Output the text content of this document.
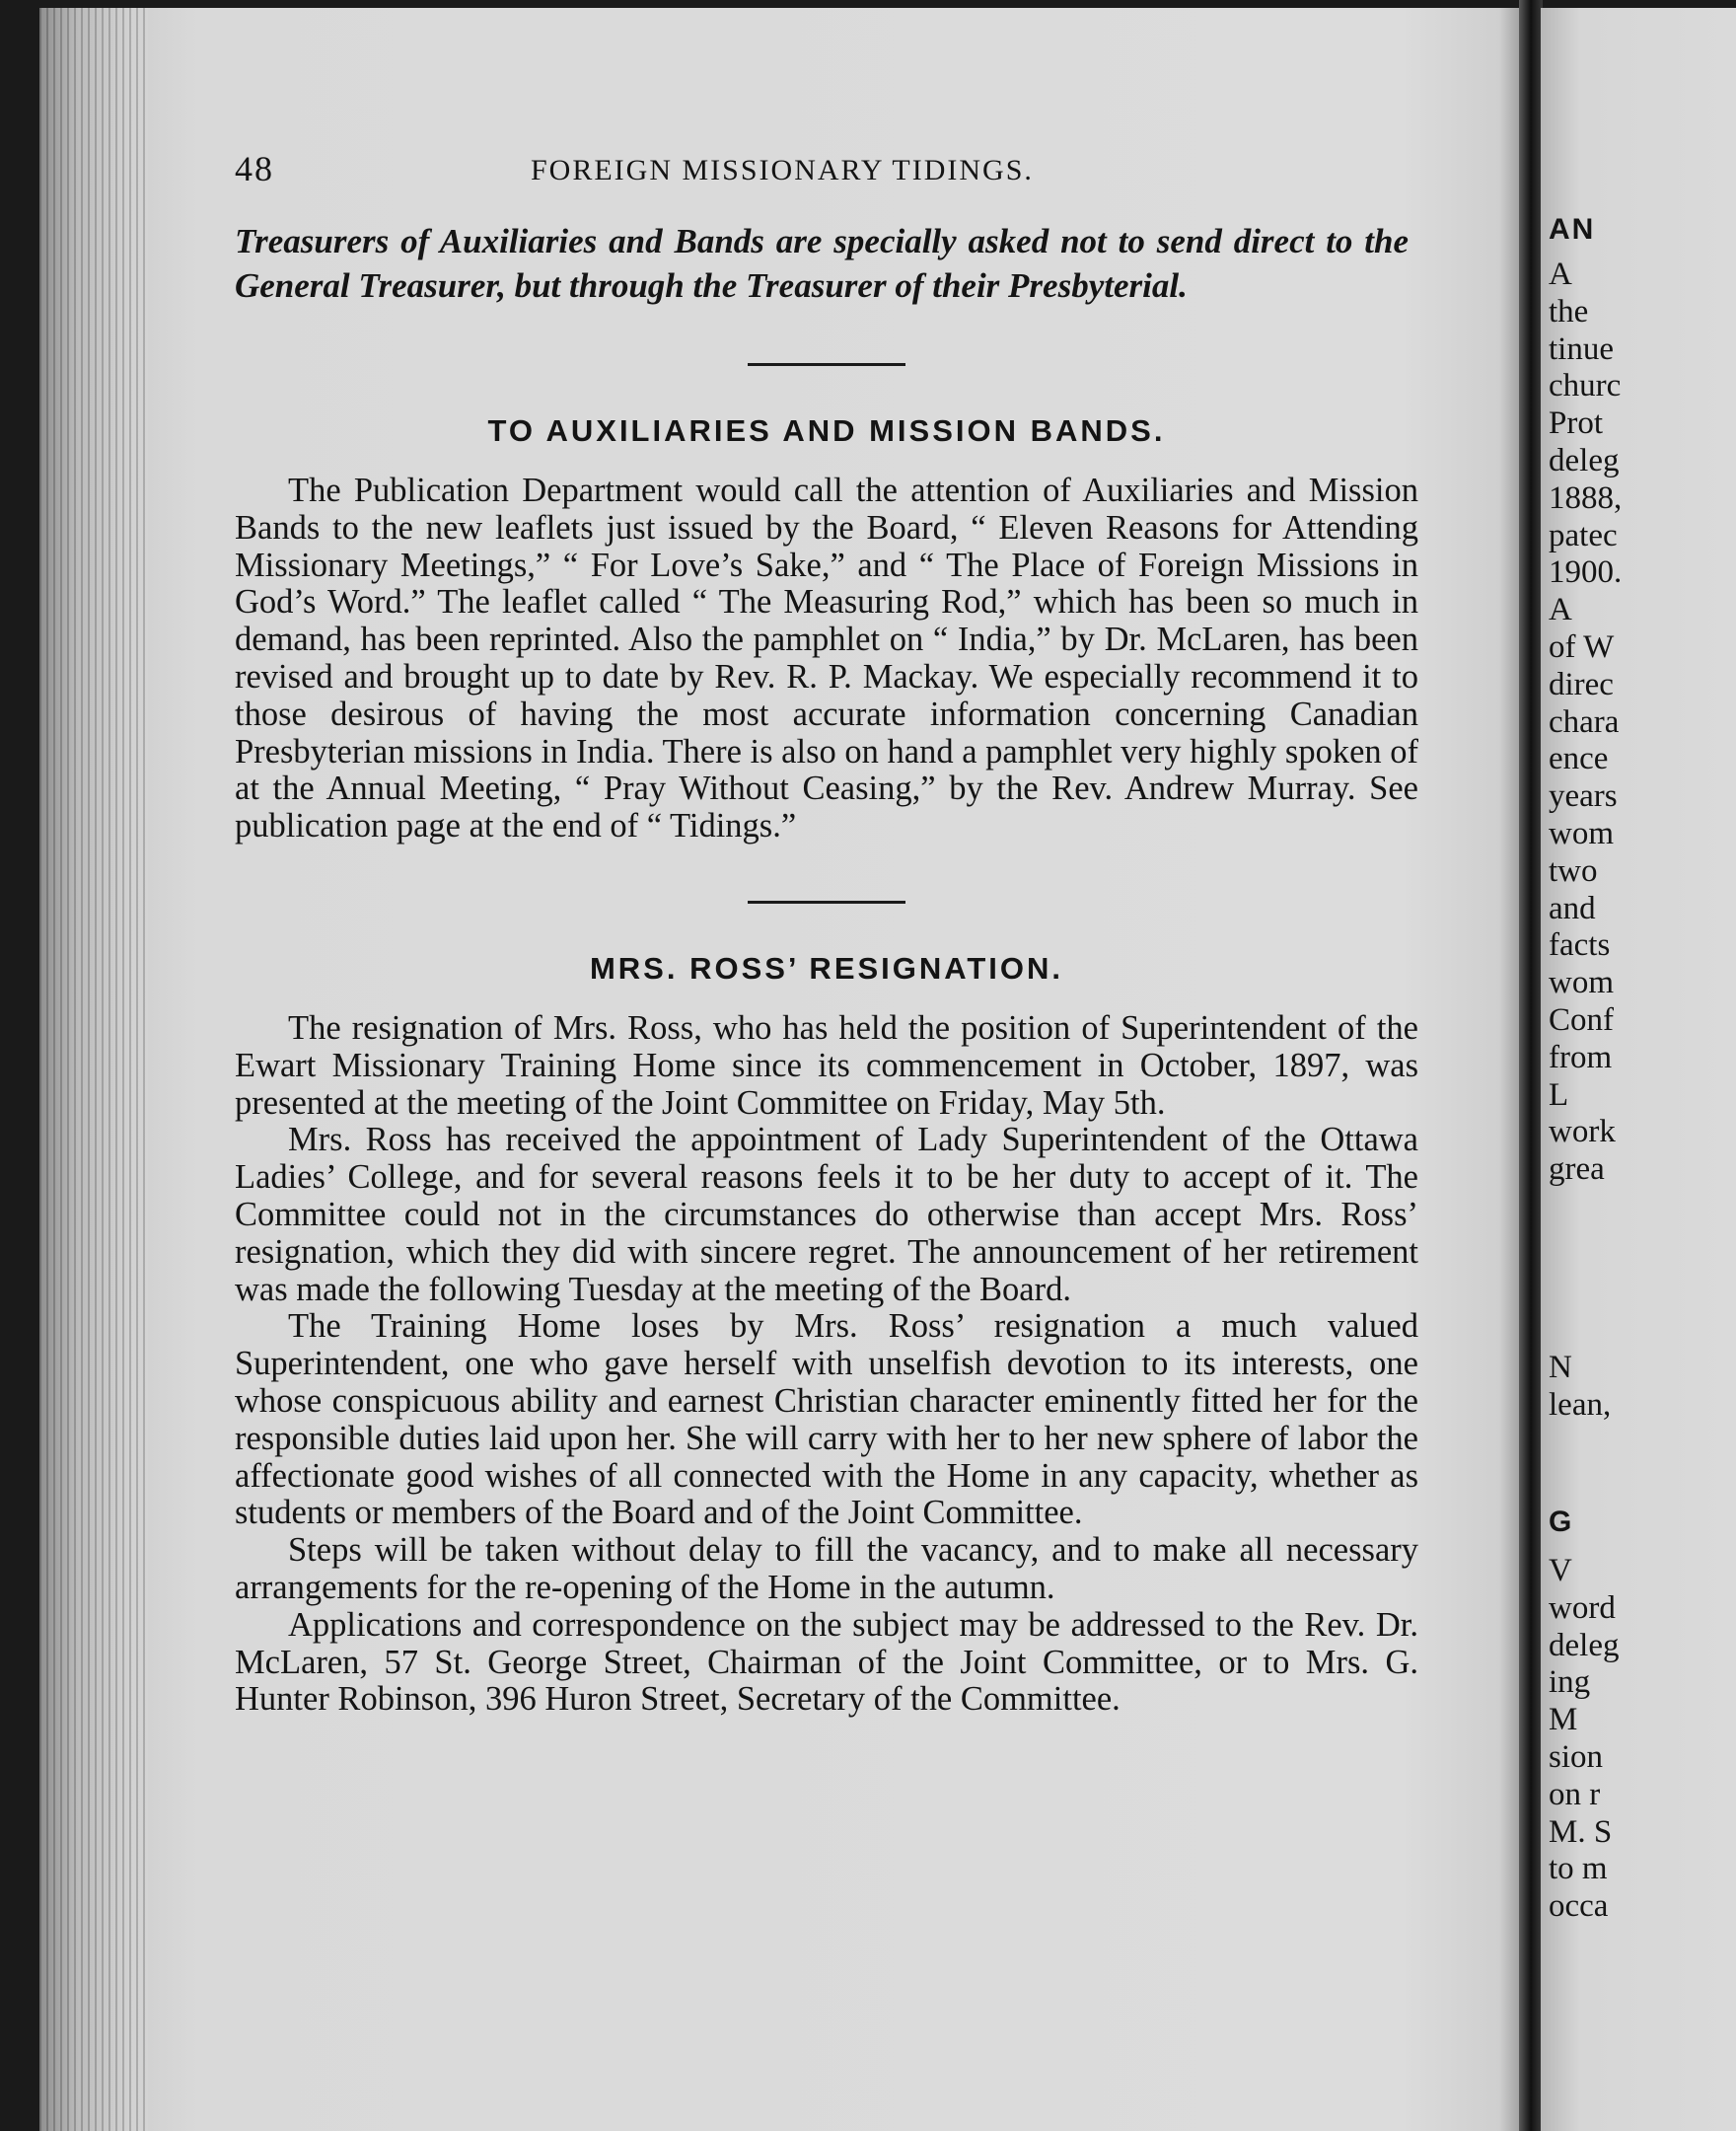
48	FOREIGN MISSIONARY TIDINGS.

Treasurers of Auxiliaries and Bands are specially asked not to send direct to the General Treasurer, but through the Treasurer of their Presbyterial.

TO AUXILIARIES AND MISSION BANDS.

The Publication Department would call the attention of Auxiliaries and Mission Bands to the new leaflets just issued by the Board, “ Eleven Reasons for Attending Missionary Meetings,” “ For Love’s Sake,” and “ The Place of Foreign Missions in God’s Word.” The leaflet called “ The Measuring Rod,” which has been so much in demand, has been reprinted. Also the pamphlet on “ India,” by Dr. McLaren, has been revised and brought up to date by Rev. R. P. Mackay. We especially recommend it to those desirous of having the most accurate information concerning Canadian Presbyterian missions in India. There is also on hand a pamphlet very highly spoken of at the Annual Meeting, “ Pray Without Ceasing,” by the Rev. Andrew Murray. See publication page at the end of “ Tidings.”

MRS. ROSS’ RESIGNATION.

The resignation of Mrs. Ross, who has held the position of Superintendent of the Ewart Missionary Training Home since its commencement in October, 1897, was presented at the meeting of the Joint Committee on Friday, May 5th.

Mrs. Ross has received the appointment of Lady Superintendent of the Ottawa Ladies’ College, and for several reasons feels it to be her duty to accept of it. The Committee could not in the circumstances do otherwise than accept Mrs. Ross’ resignation, which they did with sincere regret. The announcement of her retirement was made the following Tuesday at the meeting of the Board.

The Training Home loses by Mrs. Ross’ resignation a much valued Superintendent, one who gave herself with unselfish devotion to its interests, one whose conspicuous ability and earnest Christian character eminently fitted her for the responsible duties laid upon her. She will carry with her to her new sphere of labor the affectionate good wishes of all connected with the Home in any capacity, whether as students or members of the Board and of the Joint Committee.

Steps will be taken without delay to fill the vacancy, and to make all necessary arrangements for the re-opening of the Home in the autumn.

Applications and correspondence on the subject may be addressed to the Rev. Dr. McLaren, 57 St. George Street, Chairman of the Joint Committee, or to Mrs. G. Hunter Robinson, 396 Huron Street, Secretary of the Committee.

AN
A
the
tinue
churc
Prot
deleg
1888,
patec
1900.
A
of W
direc
chara
ence
years
wom
two
and
facts
wom
Conf
from
L
work
grea
N
lean,
G
V
word
deleg
ing
M
sion
on r
M. S
to m
occa
